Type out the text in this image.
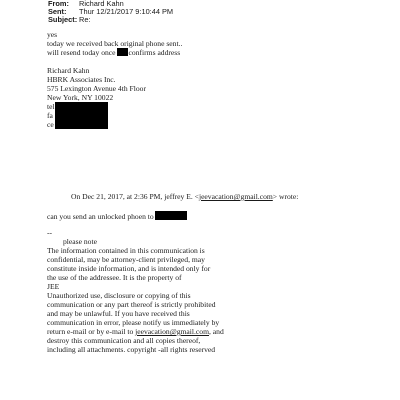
From: Richard Kahn
Sent: Thur 12/21/2017 9:10:44 PM
Subject: Re:
yes
today we received back original phone sent..
will resend today once confirms address
Richard Kahn
HBRK Associates Inc.
575 Lexington Avenue 4th Floor
New York, NY 10022
tel
fa
ce
On Dec 21, 2017, at 2:36 PM, jeffrey E. <jeevacation@gmail.com> wrote:
can you send an unlocked phoen to
--
please note
The information contained in this communication is
confidential, may be attorney-client privileged, may
constitute inside information, and is intended only for
the use of the addressee. It is the property of
JEE
Unauthorized use, disclosure or copying of this
communication or any part thereof is strictly prohibited
and may be unlawful. If you have received this
communication in error, please notify us immediately by
return e-mail or by e-mail to jeevacation@gmail.com, and
destroy this communication and all copies thereof,
including all attachments. copyright -all rights reserved
